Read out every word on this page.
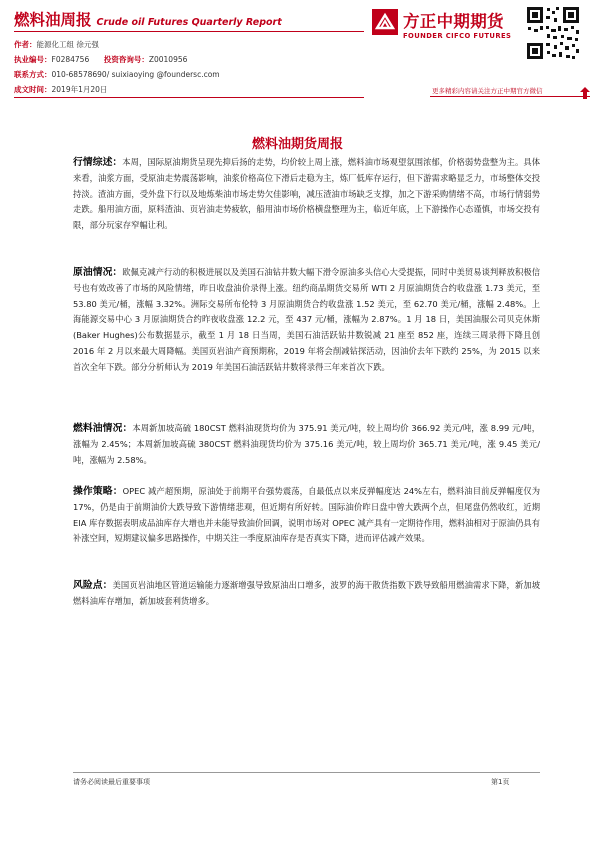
燃料油周报 Crude oil Futures Quarterly Report
作者：能源化工组 徐元强
执业编号：F0284756 投资咨询号：Z0010956
联系方式：010-68578690/ suixiaoying @foundersc.com
成文时间：2019年1月20日
方正中期期货
FOUNDER CIFCO FUTURES
更多精彩内容请关注方正中期官方微信
燃料油期货周报
行情综述：本周，国际原油期货呈现先抑后扬的走势，均价较上周上涨，燃料油市场观望氛围浓郁，价格弱势盘整为主。具体来看，油浆方面，受原油走势震荡影响，油浆价格高位下滑后走稳为主，炼厂低库存运行，但下游需求略显乏力，市场整体交投持淡。渣油方面，受外盘下行以及地炼柴油市场走势欠佳影响，减压渣油市场缺乏支撑，加之下游采购情绪不高，市场行情弱势走跌。船用油方面，原料渣油、页岩油走势疲软，船用油市场价格横盘整理为主，临近年底，上下游操作心态谨慎，市场交投有限，部分玩家存窄幅让利。
原油情况：欧佩克减产行动的积极进展以及美国石油钻井数大幅下滑令原油多头信心大受提振，同时中美贸易谈判释放积极信号也有效改善了市场的风险情绪，昨日收盘油价录得上涨。纽约商品期货交易所 WTI 2 月原油期货合约收盘涨 1.73 美元，至 53.80 美元/桶，涨幅 3.32%。洲际交易所布伦特 3 月原油期货合约收盘涨 1.52 美元，至 62.70 美元/桶，涨幅 2.48%。上海能源交易中心 3 月原油期货合约昨夜收盘涨 12.2 元，至 437 元/桶，涨幅为 2.87%。1 月 18 日，美国油服公司贝克休斯(Baker Hughes)公布数据显示，截至 1 月 18 日当周，美国石油活跃钻井数锐减 21 座至 852 座，连续三周录得下降且创 2016 年 2 月以来最大周降幅。美国页岩油产商预期称，2019 年将会削减钻探活动，因油价去年下跌约 25%，为 2015 以来首次全年下跌。部分分析师认为 2019 年美国石油活跃钻井数将录得三年来首次下跌。
燃料油情况：本周新加坡高硫 180CST 燃料油现货均价为 375.91 美元/吨，较上周均价 366.92 美元/吨，涨 8.99 元/吨，涨幅为 2.45%；本周新加坡高硫 380CST 燃料油现货均价为 375.16 美元/吨，较上周均价 365.71 美元/吨，涨 9.45 美元/吨，涨幅为 2.58%。
操作策略：OPEC 减产超预期，原油处于前期平台强势震荡，自最低点以来反弹幅度达 24%左右，燃料油目前反弹幅度仅为 17%，仍是由于前期油价大跌导致下游情绪悲观，但近期有所好转。国际油价昨日盘中曾大跌两个点，但尾盘仍然收红，近期 EIA 库存数据表明成品油库存大增也并未能导致油价回调，说明市场对 OPEC 减产具有一定期待作用，燃料油相对于原油仍具有补涨空间，短期建议偏多思路操作，中期关注一季度原油库存是否真实下降，进而评估减产效果。
风险点：美国页岩油地区管道运输能力逐渐增强导致原油出口增多，波罗的海干散货指数下跌导致船用燃油需求下降，新加坡燃料油库存增加，新加坡套利货增多。
请务必阅读最后重要事项	第1页
